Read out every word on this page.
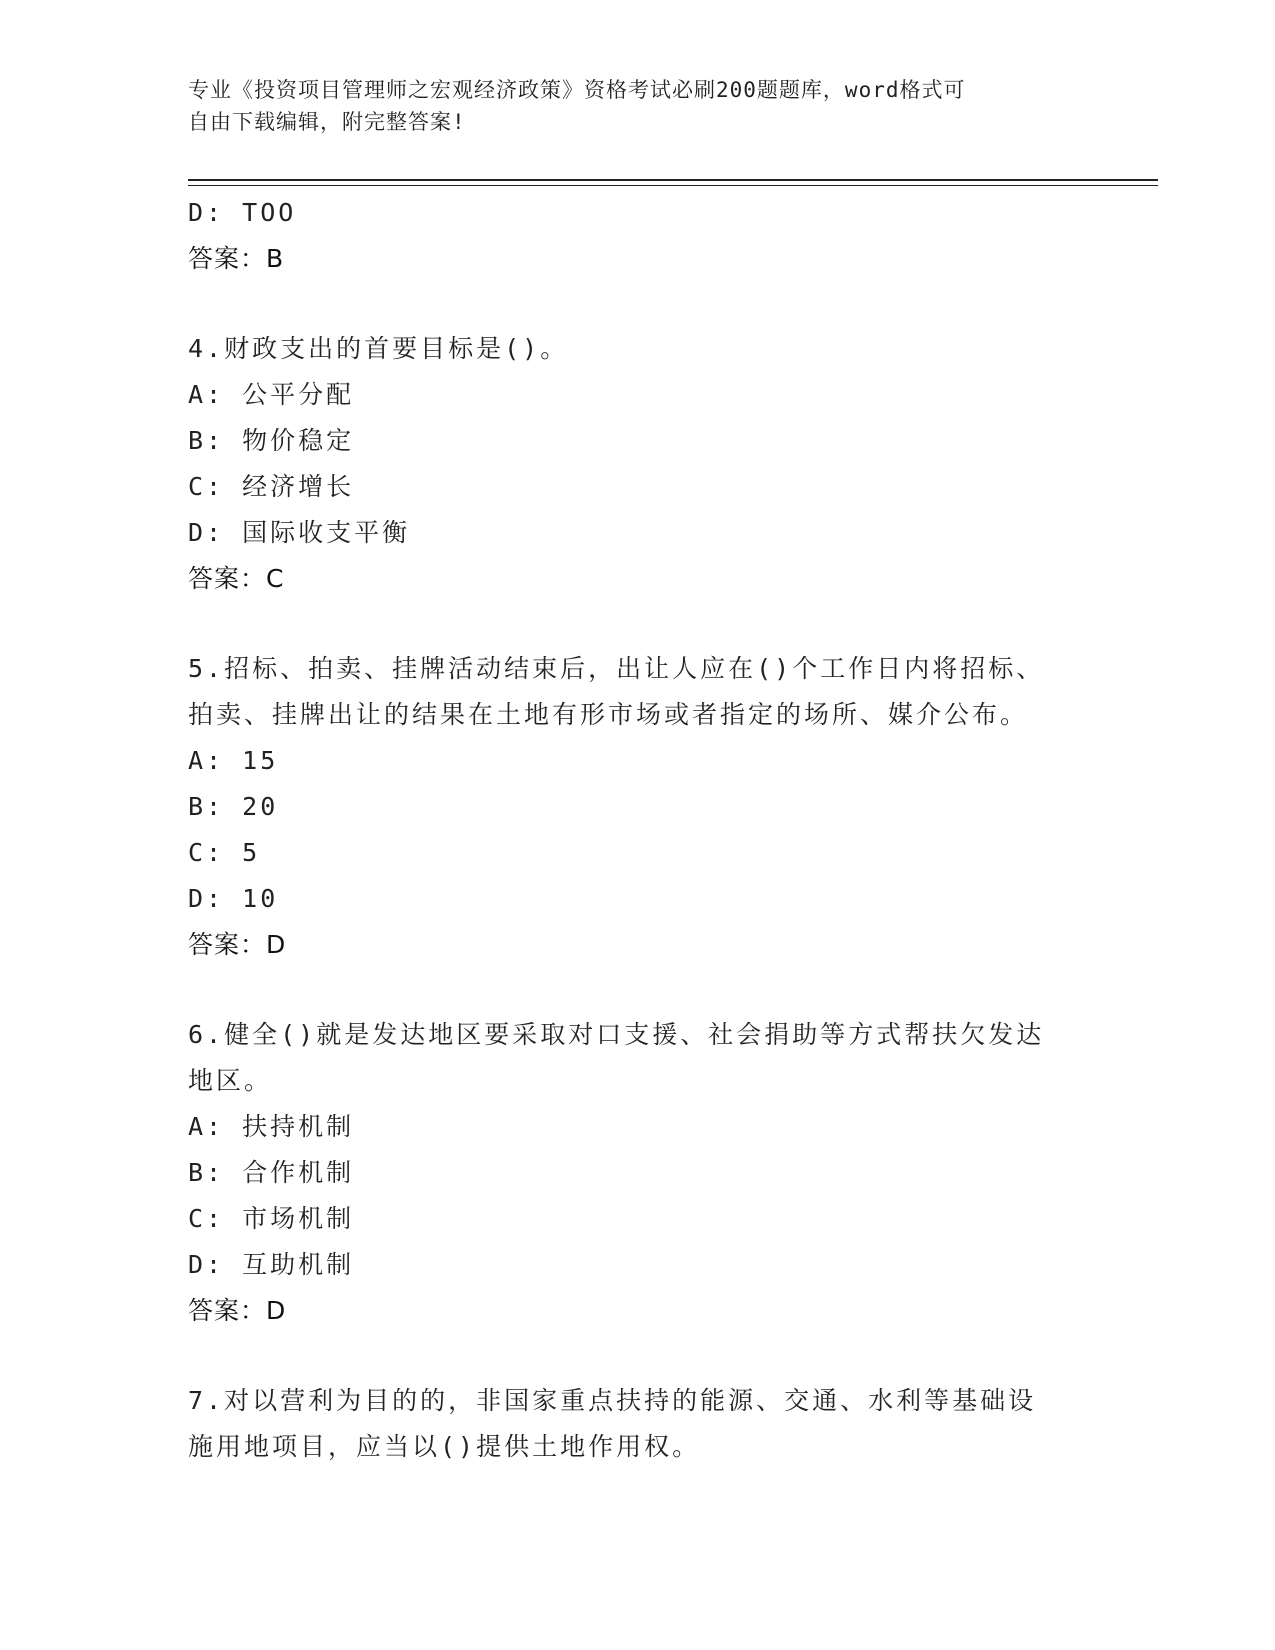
专业《投资项目管理师之宏观经济政策》资格考试必刷200题题库，word格式可
自由下载编辑，附完整答案!
D: TOO
答案：B
4.财政支出的首要目标是()。
A: 公平分配
B: 物价稳定
C: 经济增长
D: 国际收支平衡
答案：C
5.招标、拍卖、挂牌活动结束后，出让人应在()个工作日内将招标、
拍卖、挂牌出让的结果在土地有形市场或者指定的场所、媒介公布。
A: 15
B: 20
C: 5
D: 10
答案：D
6.健全()就是发达地区要采取对口支援、社会捐助等方式帮扶欠发达
地区。
A: 扶持机制
B: 合作机制
C: 市场机制
D: 互助机制
答案：D
7.对以营利为目的的，非国家重点扶持的能源、交通、水利等基础设
施用地项目，应当以()提供土地作用权。
